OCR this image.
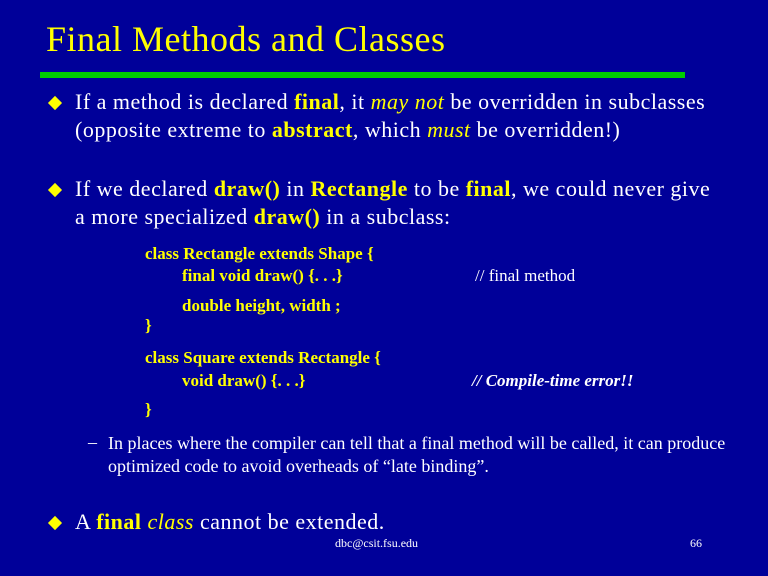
Final Methods and Classes
If a method is declared final, it may not be overridden in subclasses (opposite extreme to abstract, which must be overridden!)
If we declared draw() in Rectangle to be final, we could never give a more specialized draw() in a subclass:
class Rectangle extends Shape {
final void draw() {. . .}	// final method
double height, width ;
}
class Square extends Rectangle {
void draw() {. . .}	// Compile-time error!!
}
– In places where the compiler can tell that a final method will be called, it can produce optimized code to avoid overheads of “late binding”.
A final class cannot be extended.
dbc@csit.fsu.edu	66
